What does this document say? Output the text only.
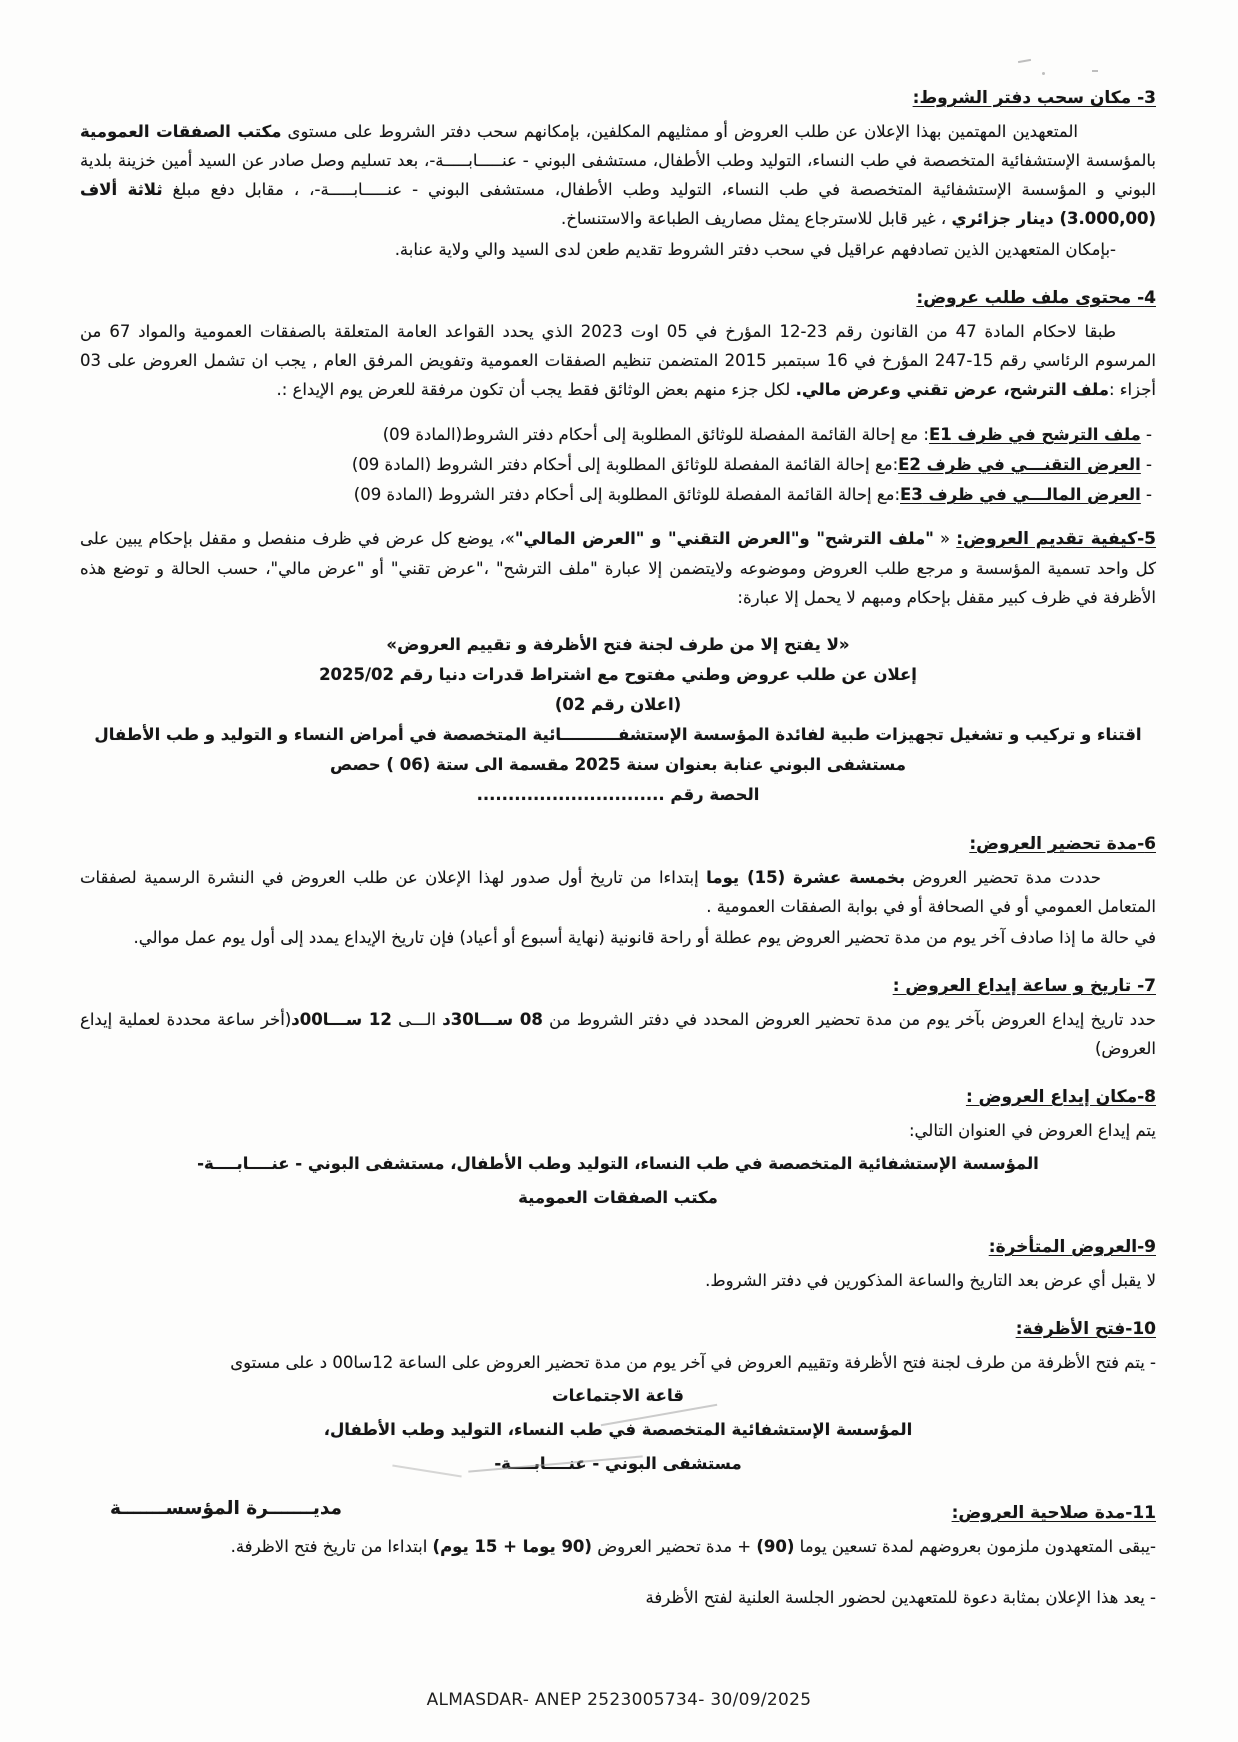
3- مكان سحب دفتر الشروط:

المتعهدين المهتمين بهذا الإعلان عن طلب العروض أو ممثليهم المكلفين، بإمكانهم سحب دفتر الشروط على مستوى مكتب الصفقات العمومية بالمؤسسة الإستشفائية المتخصصة في طب النساء، التوليد وطب الأطفال، مستشفى البوني - عنـــــابـــــة-، بعد تسليم وصل صادر عن السيد أمين خزينة بلدية البوني و المؤسسة الإستشفائية المتخصصة في طب النساء، التوليد وطب الأطفال، مستشفى البوني - عنـــــابـــــة-، ، مقابل دفع مبلغ ثلاثة ألاف (3.000,00) دينار جزائري ، غير قابل للاسترجاع يمثل مصاريف الطباعة والاستنساخ.

-بإمكان المتعهدين الذين تصادفهم عراقيل في سحب دفتر الشروط تقديم طعن لدى السيد والي ولاية عنابة.

4- محتوى ملف طلب عروض:

طبقا لاحكام المادة 47 من القانون رقم 23‏-‏12 المؤرخ في 05 اوت 2023 الذي يحدد القواعد العامة المتعلقة بالصفقات العمومية والمواد 67 من المرسوم الرئاسي رقم 15‏-‏247 المؤرخ في 16 سبتمبر 2015 المتضمن تنظيم الصفقات العمومية وتفويض المرفق العام , يجب ان تشمل العروض على 03 أجزاء :ملف الترشح، عرض تقني وعرض مالي. لكل جزء منهم بعض الوثائق فقط يجب أن تكون مرفقة للعرض يوم الإيداع :.

- ملف الترشح في ظرف E1: مع إحالة القائمة المفصلة للوثائق المطلوبة إلى أحكام دفتر الشروط(المادة 09)

- العرض التقنـــي في ظرف E2:مع إحالة القائمة المفصلة للوثائق المطلوبة إلى أحكام دفتر الشروط (المادة 09)

- العرض المالـــي في ظرف E3:مع إحالة القائمة المفصلة للوثائق المطلوبة إلى أحكام دفتر الشروط (المادة 09)

5-كيفية تقديم العروض: « "ملف الترشح" و"العرض التقني" و "العرض المالي"»، يوضع كل عرض في ظرف منفصل و مقفل بإحكام يبين على كل واحد تسمية المؤسسة و مرجع طلب العروض وموضوعه ولايتضمن إلا عبارة "ملف الترشح" ،"عرض تقني" أو "عرض مالي"، حسب الحالة و توضع هذه الأظرفة في ظرف كبير مقفل بإحكام ومبهم لا يحمل إلا عبارة:

«لا يفتح إلا من طرف لجنة فتح الأظرفة و تقييم العروض»

إعلان عن طلب عروض وطني مفتوح مع اشتراط قدرات دنيا رقم 2025/02

(اعلان رقم 02)

اقتناء و تركيب و تشغيل تجهيزات طبية لفائدة المؤسسة الإستشفــــــــــائية المتخصصة في أمراض النساء و التوليد و طب الأطفال مستشفى البوني عنابة بعنوان سنة 2025 مقسمة الى ستة (06 ) حصص

الحصة رقم ..............................

6-مدة تحضير العروض:

حددت مدة تحضير العروض بخمسة عشرة (15) يوما إبتداءا من تاريخ أول صدور لهذا الإعلان عن طلب العروض في النشرة الرسمية لصفقات المتعامل العمومي أو في الصحافة أو في بوابة الصفقات العمومية .

في حالة ما إذا صادف آخر يوم من مدة تحضير العروض يوم عطلة أو راحة قانونية (نهاية أسبوع أو أعياد) فإن تاريخ الإيداع يمدد إلى أول يوم عمل موالي.

7- تاريخ و ساعة إيداع العروض :

حدد تاريخ إيداع العروض بآخر يوم من مدة تحضير العروض المحدد في دفتر الشروط من 08 ســـا30د الـــى 12 ســـا00د(أخر ساعة محددة لعملية إيداع العروض)

8-مكان إيداع العروض :

يتم إيداع العروض في العنوان التالي:

المؤسسة الإستشفائية المتخصصة في طب النساء، التوليد وطب الأطفال، مستشفى البوني - عنــــابــــة-

مكتب الصفقات العمومية

9-العروض المتأخرة:

لا يقبل أي عرض بعد التاريخ والساعة المذكورين في دفتر الشروط.

10-فتح الأظرفة:

- يتم فتح الأظرفة من طرف لجنة فتح الأظرفة وتقييم العروض في آخر يوم من مدة تحضير العروض على الساعة 12سا00 د على مستوى

قاعة الاجتماعات

المؤسسة الإستشفائية المتخصصة في طب النساء، التوليد وطب الأطفال،

مستشفى البوني - عنــــابــــة-

11-مدة صلاحية العروض:

-يبقى المتعهدون ملزمون بعروضهم لمدة تسعين يوما (90) + مدة تحضير العروض (90 يوما + 15 يوم) ابتداءا من تاريخ فتح الاظرفة.

- يعد هذا الإعلان بمثابة دعوة للمتعهدين لحضور الجلسة العلنية لفتح الأظرفة

مديـــــــرة المؤسســـــــة
ALMASDAR- ANEP 2523005734- 30/09/2025
